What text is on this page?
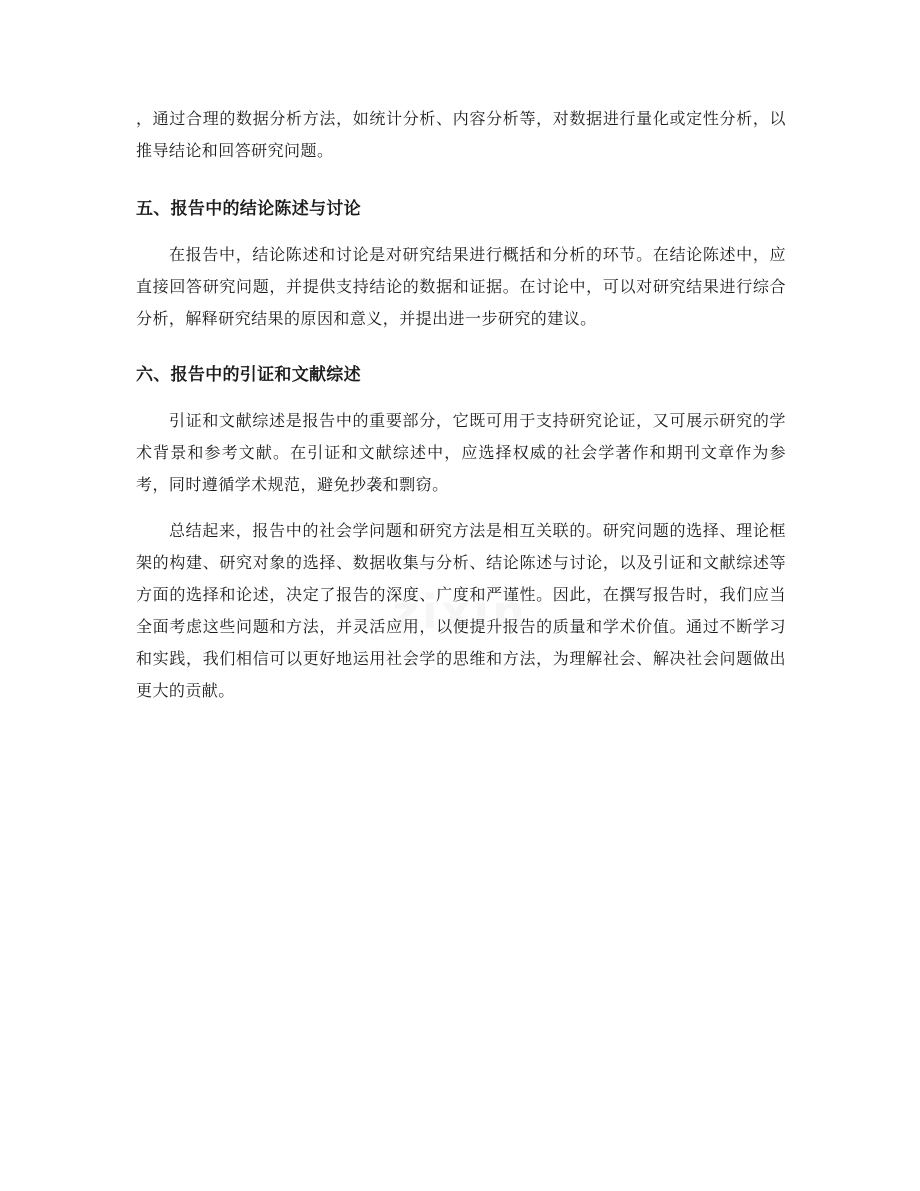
，通过合理的数据分析方法，如统计分析、内容分析等，对数据进行量化或定性分析，以推导结论和回答研究问题。

五、报告中的结论陈述与讨论

在报告中，结论陈述和讨论是对研究结果进行概括和分析的环节。在结论陈述中，应直接回答研究问题，并提供支持结论的数据和证据。在讨论中，可以对研究结果进行综合分析，解释研究结果的原因和意义，并提出进一步研究的建议。

六、报告中的引证和文献综述

引证和文献综述是报告中的重要部分，它既可用于支持研究论证，又可展示研究的学术背景和参考文献。在引证和文献综述中，应选择权威的社会学著作和期刊文章作为参考，同时遵循学术规范，避免抄袭和剽窃。

总结起来，报告中的社会学问题和研究方法是相互关联的。研究问题的选择、理论框架的构建、研究对象的选择、数据收集与分析、结论陈述与讨论，以及引证和文献综述等方面的选择和论述，决定了报告的深度、广度和严谨性。因此，在撰写报告时，我们应当全面考虑这些问题和方法，并灵活应用，以便提升报告的质量和学术价值。通过不断学习和实践，我们相信可以更好地运用社会学的思维和方法，为理解社会、解决社会问题做出更大的贡献。
